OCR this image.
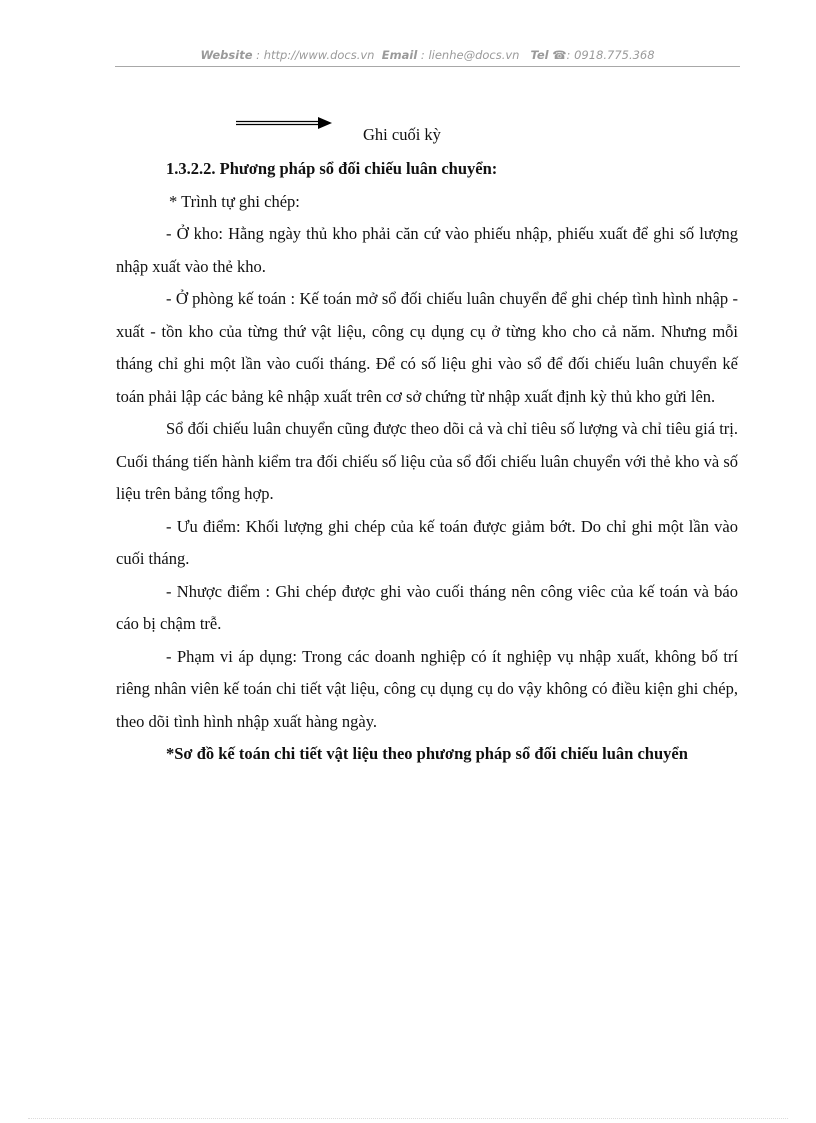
Website : http://www.docs.vn Email : lienhe@docs.vn Tel ☎: 0918.775.368
Ghi cuối kỳ

1.3.2.2. Phương pháp sổ đối chiếu luân chuyển:

* Trình tự ghi chép:

- Ở kho: Hằng ngày thủ kho phải căn cứ vào phiếu nhập, phiếu xuất để ghi số lượng nhập xuất vào thẻ kho.

- Ở phòng kế toán : Kế toán mở sổ đối chiếu luân chuyển để ghi chép tình hình nhập - xuất - tồn kho của từng thứ vật liệu, công cụ dụng cụ ở từng kho cho cả năm. Nhưng mỗi tháng chỉ ghi một lần vào cuối tháng. Để có số liệu ghi vào sổ để đối chiếu luân chuyển kế toán phải lập các bảng kê nhập xuất trên cơ sở chứng từ nhập xuất định kỳ thủ kho gửi lên.

Sổ đối chiếu luân chuyển cũng được theo dõi cả và chỉ tiêu số lượng và chỉ tiêu giá trị. Cuối tháng tiến hành kiểm tra đối chiếu số liệu của sổ đối chiếu luân chuyển với thẻ kho và số liệu trên bảng tổng hợp.

- Ưu điểm: Khối lượng ghi chép của kế toán được giảm bớt. Do chỉ ghi một lần vào cuối tháng.

- Nhược điểm : Ghi chép được ghi vào cuối tháng nên công viêc của kế toán và báo cáo bị chậm trễ.

- Phạm vi áp dụng: Trong các doanh nghiệp có ít nghiệp vụ nhập xuất, không bố trí riêng nhân viên kế toán chi tiết vật liệu, công cụ dụng cụ do vậy không có điều kiện ghi chép, theo dõi tình hình nhập xuất hàng ngày.

*Sơ đồ kế toán chi tiết vật liệu theo phương pháp sổ đối chiếu luân chuyển
